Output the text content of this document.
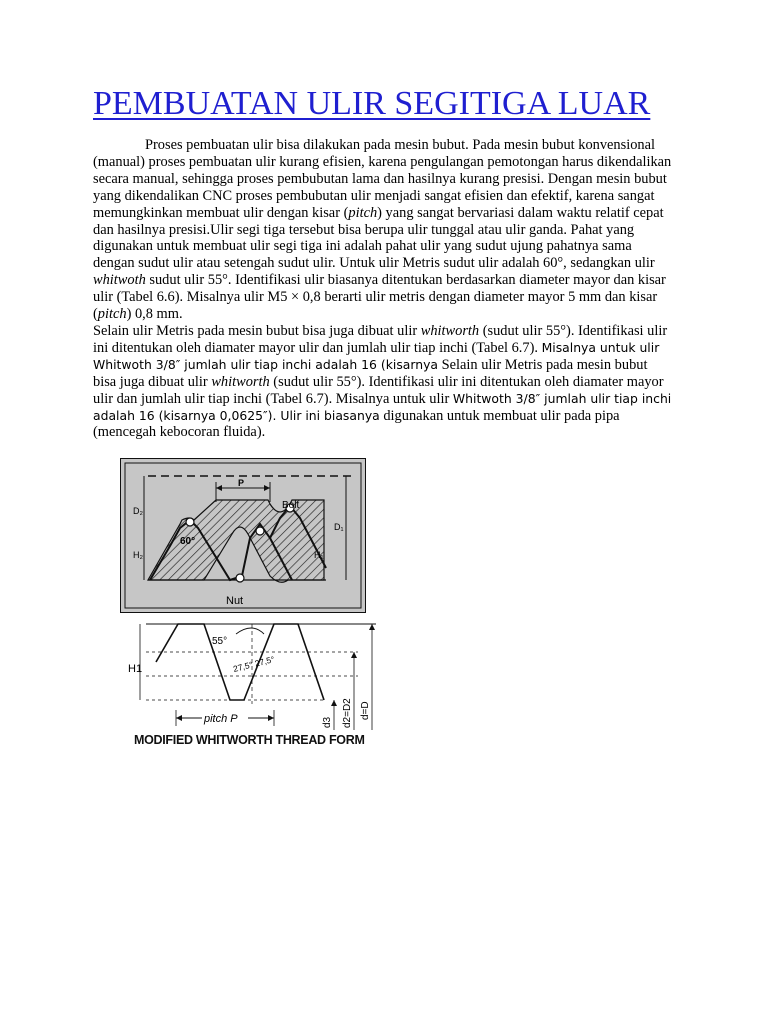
PEMBUATAN ULIR SEGITIGA LUAR

Proses pembuatan ulir bisa dilakukan pada mesin bubut. Pada mesin bubut konvensional (manual) proses pembuatan ulir kurang efisien, karena pengulangan pemotongan harus dikendalikan secara manual, sehingga proses pembubutan lama dan hasilnya kurang presisi. Dengan mesin bubut yang dikendalikan CNC proses pembubutan ulir menjadi sangat efisien dan efektif, karena sangat memungkinkan membuat ulir dengan kisar (pitch) yang sangat bervariasi dalam waktu relatif cepat dan hasilnya presisi.Ulir segi tiga tersebut bisa berupa ulir tunggal atau ulir ganda. Pahat yang digunakan untuk membuat ulir segi tiga ini adalah pahat ulir yang sudut ujung pahatnya sama dengan sudut ulir atau setengah sudut ulir. Untuk ulir Metris sudut ulir adalah 60°, sedangkan ulir whitwoth sudut ulir 55°. Identifikasi ulir biasanya ditentukan berdasarkan diameter mayor dan kisar ulir (Tabel 6.6). Misalnya ulir M5 × 0,8 berarti ulir metris dengan diameter mayor 5 mm dan kisar (pitch) 0,8 mm.

Selain ulir Metris pada mesin bubut bisa juga dibuat ulir whitworth (sudut ulir 55°). Identifikasi ulir ini ditentukan oleh diamater mayor ulir dan jumlah ulir tiap inchi (Tabel 6.7). Misalnya untuk ulir Whitwoth 3/8″ jumlah ulir tiap inchi adalah 16 (kisarnya Selain ulir Metris pada mesin bubut bisa juga dibuat ulir whitworth (sudut ulir 55°). Identifikasi ulir ini ditentukan oleh diamater mayor ulir dan jumlah ulir tiap inchi (Tabel 6.7). Misalnya untuk ulir Whitwoth 3/8″ jumlah ulir tiap inchi adalah 16 (kisarnya 0,0625″). Ulir ini biasanya digunakan untuk membuat ulir pada pipa (mencegah kebocoran fluida).

P
Bolt
60°
Nut
D₂
H₂
D₁
H₁
55°
27,5° 27,5°
H1
pitch P	d3 d2=D2 d=D

MODIFIED WHITWORTH THREAD FORM
